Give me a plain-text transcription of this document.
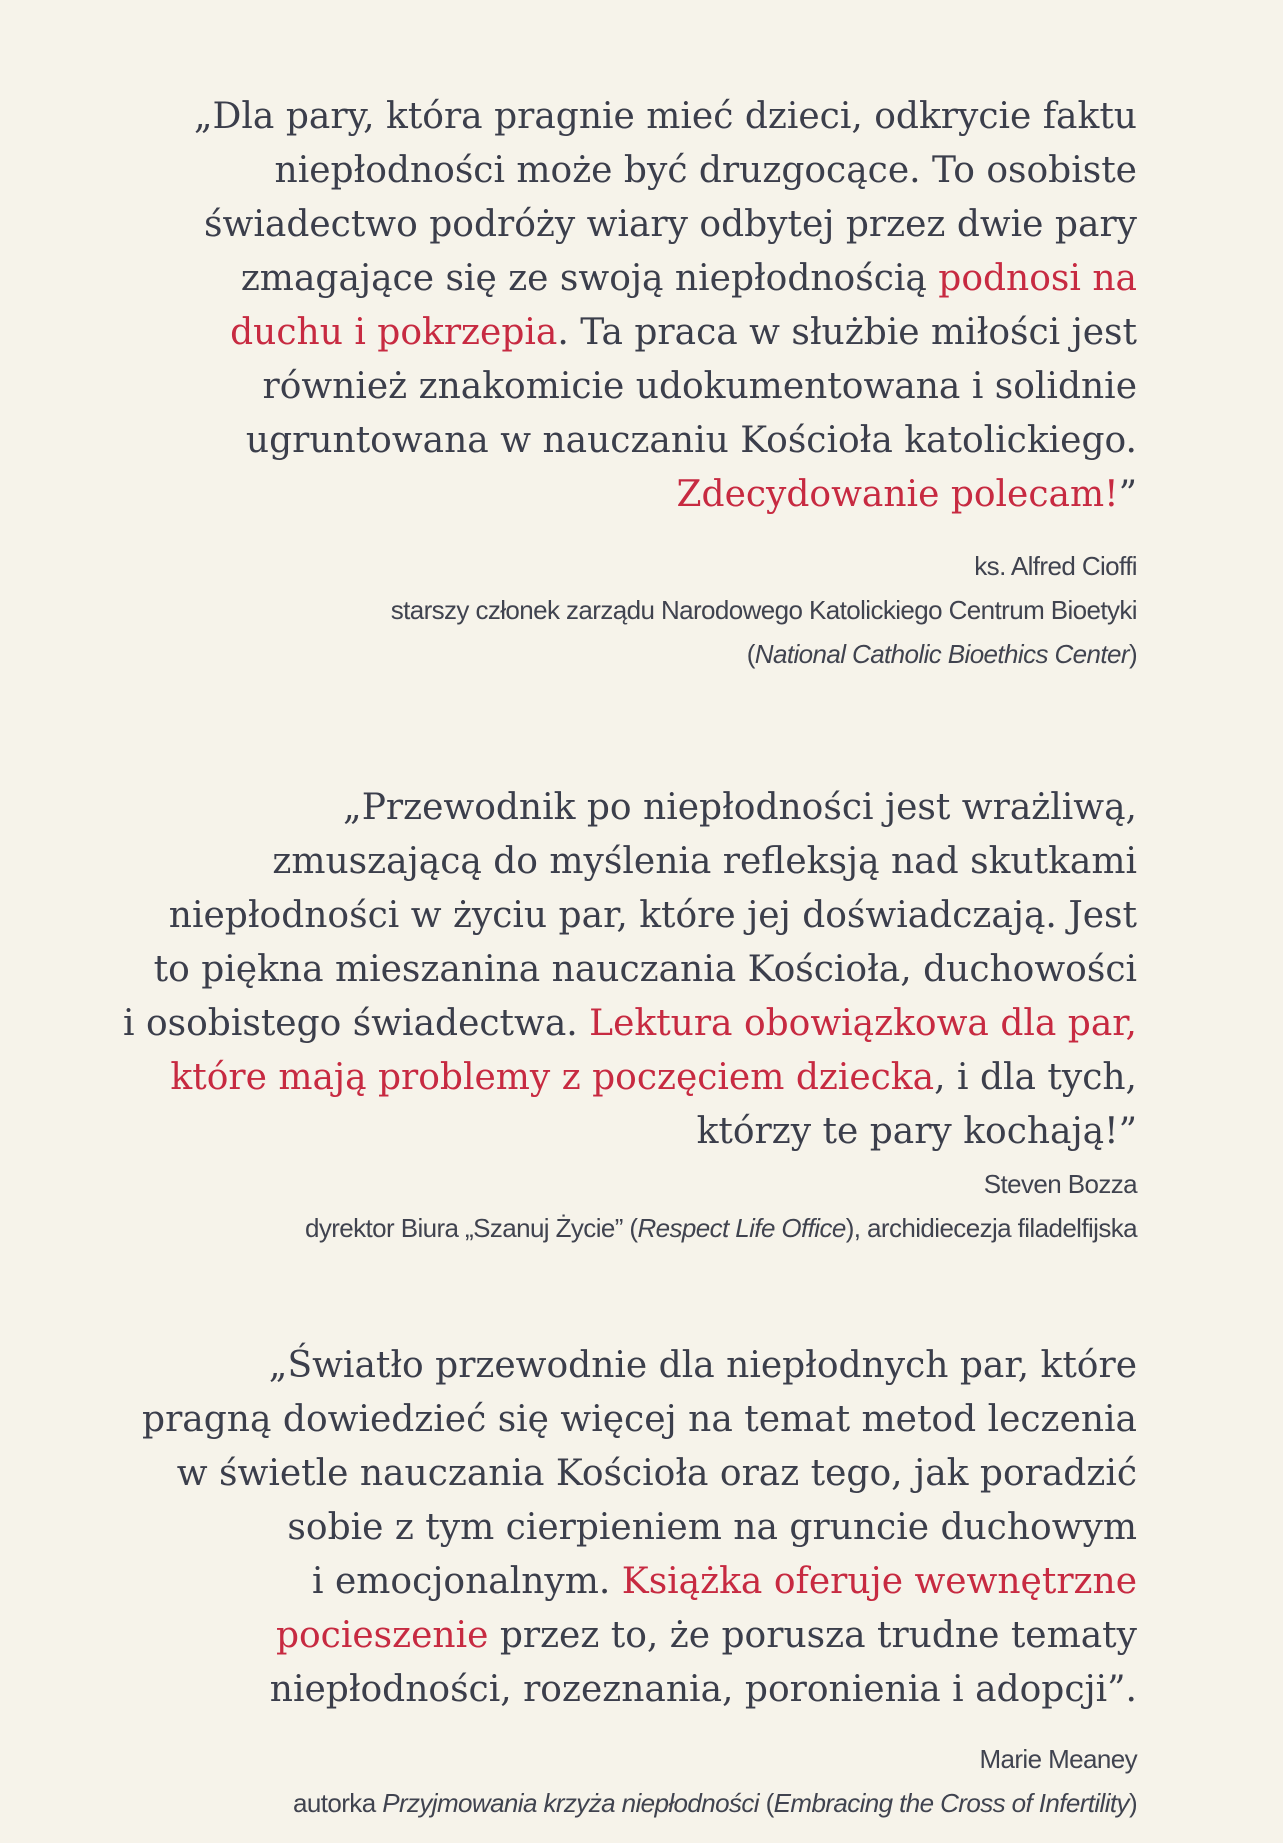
„Dla pary, która pragnie mieć dzieci, odkrycie faktu
niepłodności może być druzgocące. To osobiste
świadectwo podróży wiary odbytej przez dwie pary
zmagające się ze swoją niepłodnością podnosi na
duchu i pokrzepia. Ta praca w służbie miłości jest
również znakomicie udokumentowana i solidnie
ugruntowana w nauczaniu Kościoła katolickiego.
Zdecydowanie polecam!”
ks. Alfred Cioffi
starszy członek zarządu Narodowego Katolickiego Centrum Bioetyki
(National Catholic Bioethics Center)
„Przewodnik po niepłodności jest wrażliwą,
zmuszającą do myślenia refleksją nad skutkami
niepłodności w życiu par, które jej doświadczają. Jest
to piękna mieszanina nauczania Kościoła, duchowości
i osobistego świadectwa. Lektura obowiązkowa dla par,
które mają problemy z poczęciem dziecka, i dla tych,
którzy te pary kochają!”
Steven Bozza
dyrektor Biura „Szanuj Życie” (Respect Life Office), archidiecezja filadelfijska
„Światło przewodnie dla niepłodnych par, które
pragną dowiedzieć się więcej na temat metod leczenia
w świetle nauczania Kościoła oraz tego, jak poradzić
sobie z tym cierpieniem na gruncie duchowym
i emocjonalnym. Książka oferuje wewnętrzne
pocieszenie przez to, że porusza trudne tematy
niepłodności, rozeznania, poronienia i adopcji”.
Marie Meaney
autorka Przyjmowania krzyża niepłodności (Embracing the Cross of Infertility)
